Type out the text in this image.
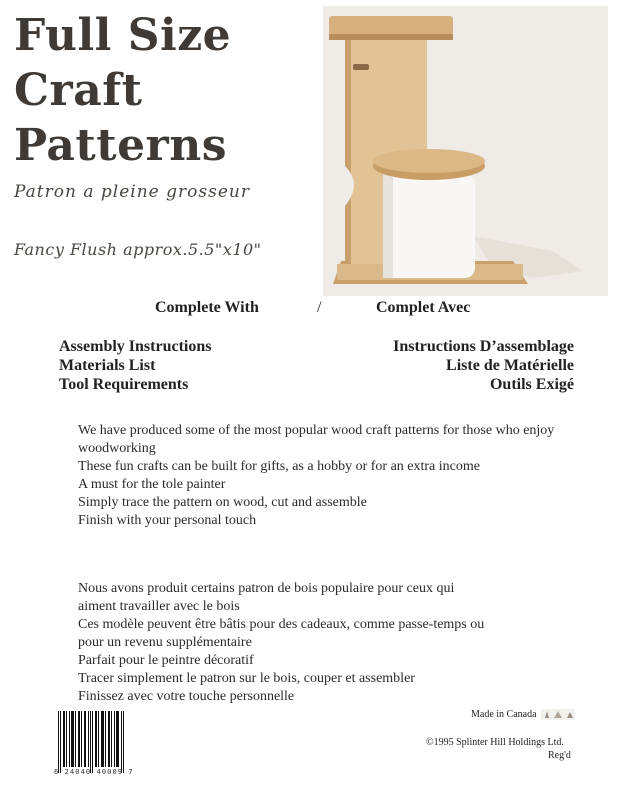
Full Size
Craft
Patterns
Patron a pleine grosseur
Fancy Flush approx.5.5"x10"
Complete With	/	Complet Avec
Assembly Instructions
Materials List
Tool Requirements
Instructions D’assemblage
Liste de Matérielle
Outils Exigé
We have produced some of the most popular wood craft patterns for those who enjoy
woodworking
These fun crafts can be built for gifts, as a hobby or for an extra income
A must for the tole painter
Simply trace the pattern on wood, cut and assemble
Finish with your personal touch
Nous avons produit certains patron de bois populaire pour ceux qui
aiment travailler avec le bois
Ces modèle peuvent être bâtis pour des cadeaux, comme passe-temps ou
pour un revenu supplémentaire
Parfait pour le peintre décoratif
Tracer simplement le patron sur le bois, couper et assembler
Finissez avec votre touche personnelle
6 24040 40009 7
Made in Canada
©1995 Splinter Hill Holdings Ltd.
Reg'd
